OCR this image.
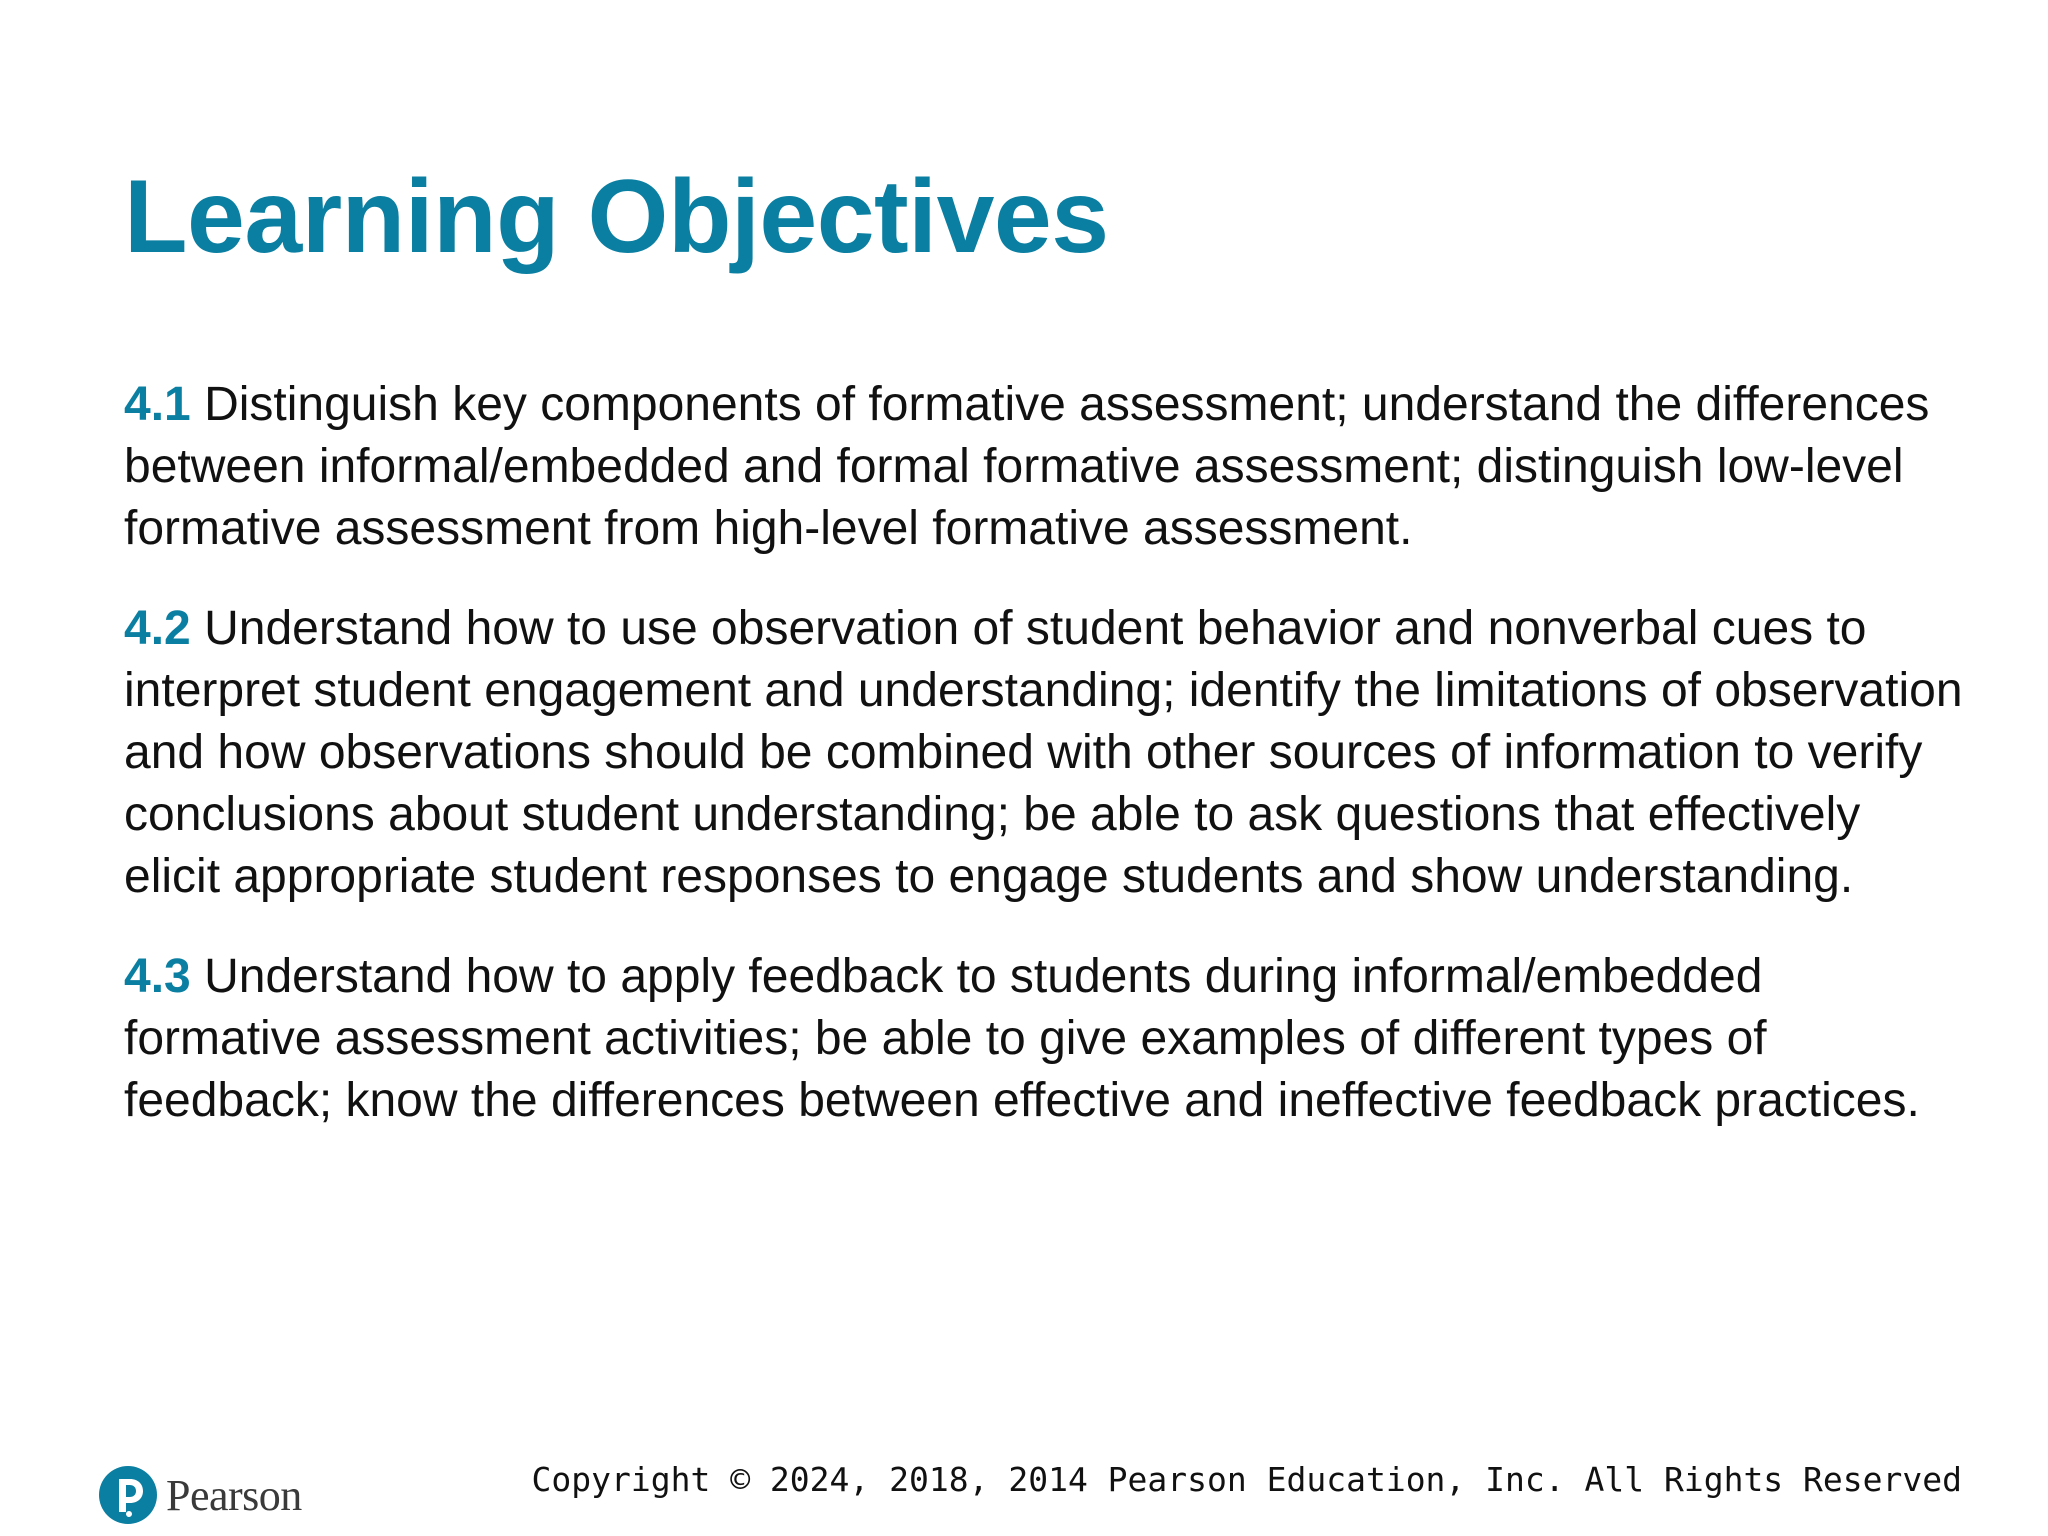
Learning Objectives
4.1 Distinguish key components of formative assessment; understand the differences between informal/embedded and formal formative assessment; distinguish low-level formative assessment from high-level formative assessment.
4.2 Understand how to use observation of student behavior and nonverbal cues to interpret student engagement and understanding; identify the limitations of observation and how observations should be combined with other sources of information to verify conclusions about student understanding; be able to ask questions that effectively elicit appropriate student responses to engage students and show understanding.
4.3 Understand how to apply feedback to students during informal/embedded formative assessment activities; be able to give examples of different types of feedback; know the differences between effective and ineffective feedback practices.
Pearson	Copyright © 2024, 2018, 2014 Pearson Education, Inc. All Rights Reserved
